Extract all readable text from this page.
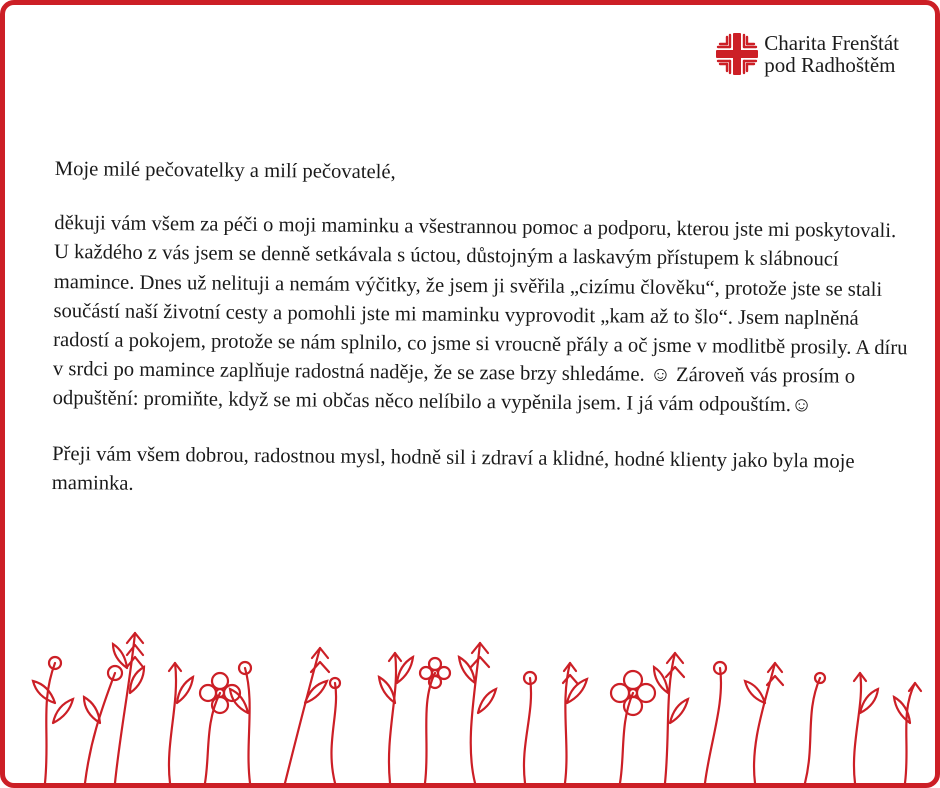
Charita Frenštát
pod Radhoštěm

Moje milé pečovatelky a milí pečovatelé,

děkuji vám všem za péči o moji maminku a všestrannou pomoc a podporu, kterou jste mi poskytovali. U každého z vás jsem se denně setkávala s úctou, důstojným a laskavým přístupem k slábnoucí mamince. Dnes už nelituji a nemám výčitky, že jsem ji svěřila „cizímu člověku“, protože jste se stali součástí naší životní cesty a pomohli jste mi maminku vyprovodit „kam až to šlo“. Jsem naplněná radostí a pokojem, protože se nám splnilo, co jsme si vroucně přály a oč jsme v modlitbě prosily. A díru v srdci po mamince zaplňuje radostná naděje, že se zase brzy shledáme. ☺ Zároveň vás prosím o odpuštění: promiňte, když se mi občas něco nelíbilo a vypěnila jsem. I já vám odpouštím.☺

Přeji vám všem dobrou, radostnou mysl, hodně sil i zdraví a klidné, hodné klienty jako byla moje maminka.
